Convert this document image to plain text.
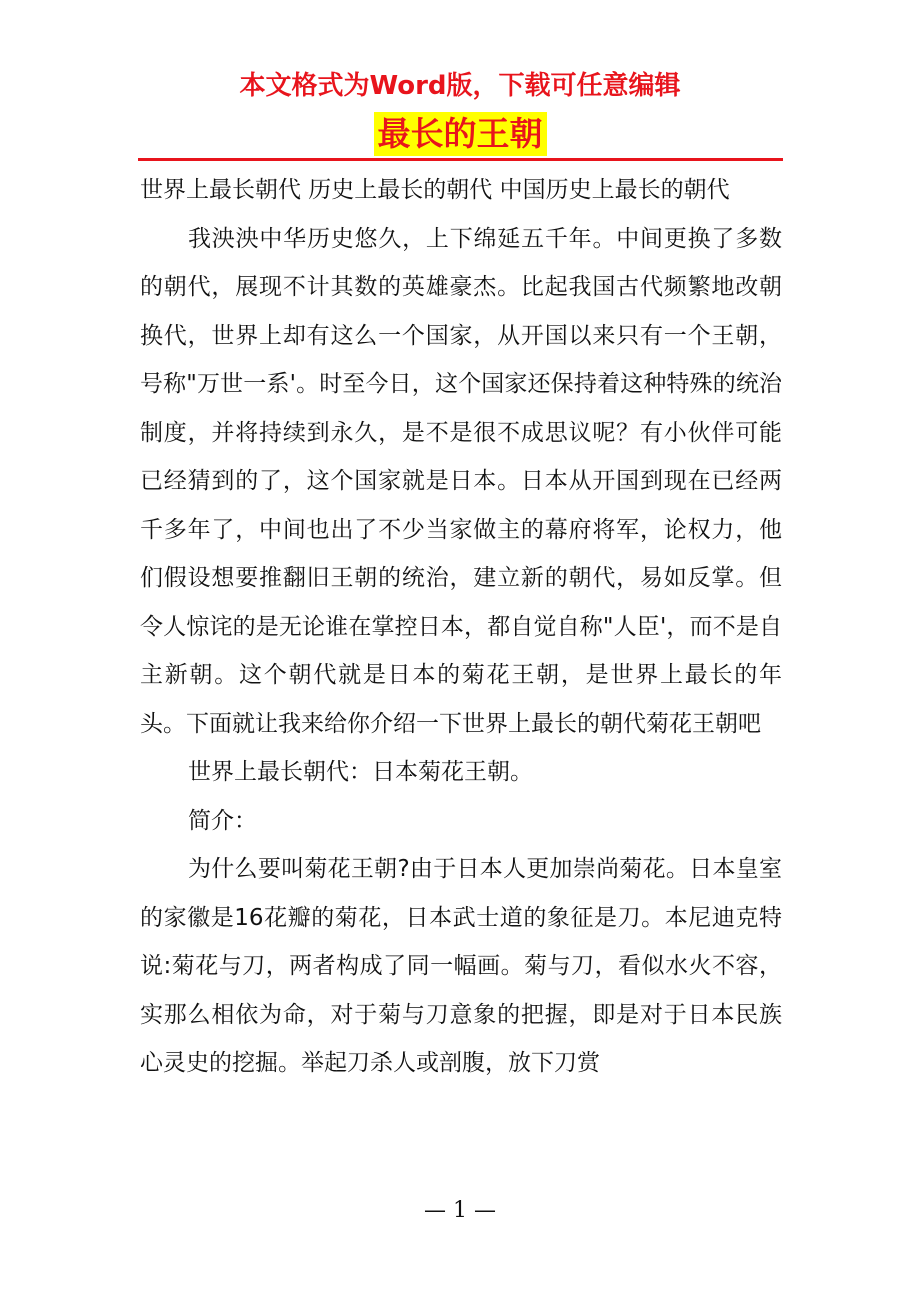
本文格式为Word版，下载可任意编辑
最长的王朝

世界上最长朝代 历史上最长的朝代 中国历史上最长的朝代

我泱泱中华历史悠久，上下绵延五千年。中间更换了多数的朝代，展现不计其数的英雄豪杰。比起我国古代频繁地改朝换代，世界上却有这么一个国家，从开国以来只有一个王朝，号称"万世一系'。时至今日，这个国家还保持着这种特殊的统治制度，并将持续到永久，是不是很不成思议呢？有小伙伴可能已经猜到的了，这个国家就是日本。日本从开国到现在已经两千多年了，中间也出了不少当家做主的幕府将军，论权力，他们假设想要推翻旧王朝的统治，建立新的朝代，易如反掌。但令人惊诧的是无论谁在掌控日本，都自觉自称"人臣'，而不是自主新朝。这个朝代就是日本的菊花王朝，是世界上最长的年头。下面就让我来给你介绍一下世界上最长的朝代菊花王朝吧

世界上最长朝代：日本菊花王朝。

简介：

为什么要叫菊花王朝?由于日本人更加崇尚菊花。日本皇室的家徽是16花瓣的菊花，日本武士道的象征是刀。本尼迪克特说:菊花与刀，两者构成了同一幅画。菊与刀，看似水火不容，实那么相依为命，对于菊与刀意象的把握，即是对于日本民族心灵史的挖掘。举起刀杀人或剖腹，放下刀赏

— 1 —
